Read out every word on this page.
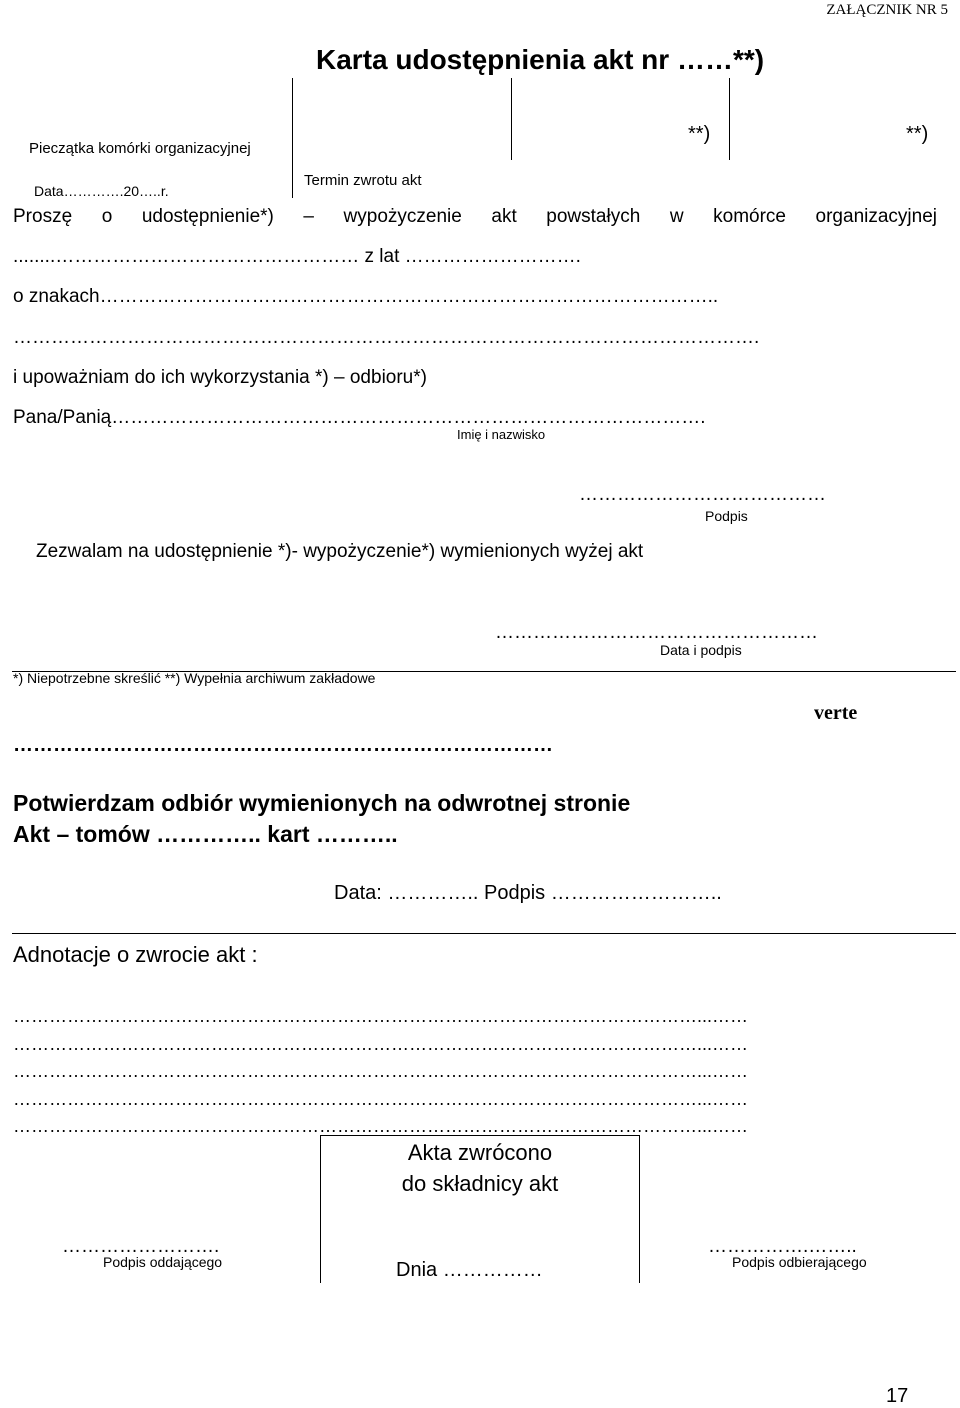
ZAŁĄCZNIK NR 5
Karta udostępnienia akt nr ……**)
**)	**)
Pieczątka komórki organizacyjnej
Data………….20…..r.
Termin zwrotu akt
Proszę o udostępnienie*) – wypożyczenie akt powstałych w komórce organizacyjnej
........………………………………………… z lat ……………………….
o znakach……………………………………………………………………………………..
……………………………………………………………………………………………………….
i upoważniam do ich wykorzystania *) – odbioru*)
Pana/Panią………………………………………………………………………………….
Imię i nazwisko
…………………………………
Podpis
Zezwalam na udostępnienie *)- wypożyczenie*) wymienionych wyżej akt
……………………………………………
Data i podpis
*) Niepotrzebne skreślić **) Wypełnia archiwum zakładowe
verte
………………………………………………………………………
Potwierdzam odbiór wymienionych na odwrotnej stronie
Akt – tomów ………….. kart ………..
Data: ………….. Podpis ……………………..
Adnotacje o zwrocie akt :
……………………………………………………………………………………………………...……
……………………………………………………………………………………………………...……
……………………………………………………………………………………………………...……
……………………………………………………………………………………………………...……
……………………………………………………………………………………………………...……
Akta zwrócono
do składnicy akt
…………………….
Podpis oddającego	Dnia ……………
…………….……..
Podpis odbierającego
17
